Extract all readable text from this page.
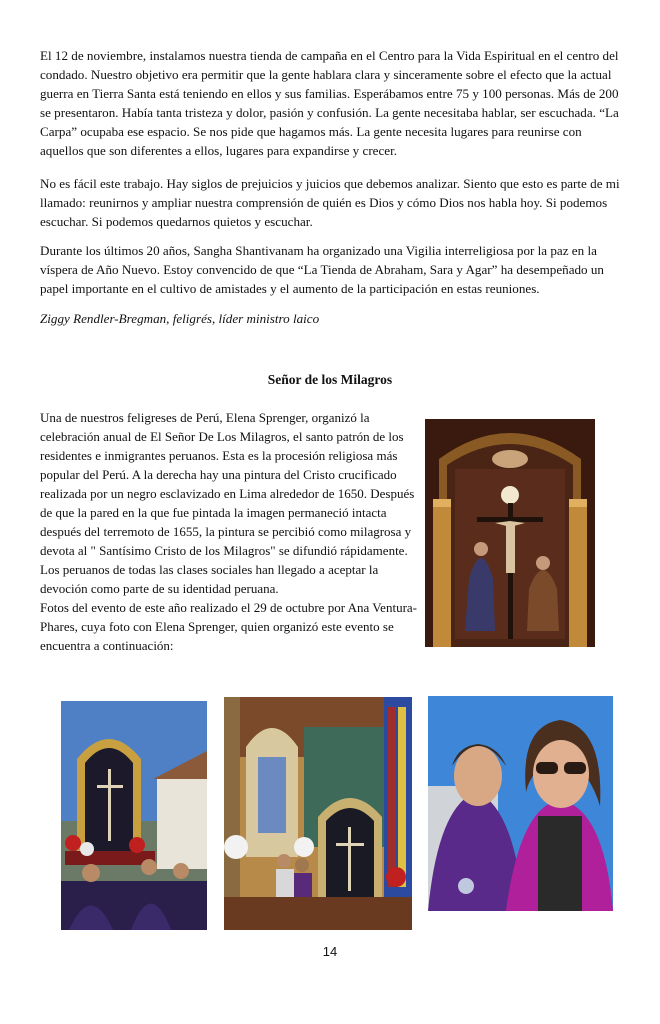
El 12 de noviembre, instalamos nuestra tienda de campaña en el Centro para la Vida Espiritual en el centro del condado. Nuestro objetivo era permitir que la gente hablara clara y sinceramente sobre el efecto que la actual guerra en Tierra Santa está teniendo en ellos y sus familias. Esperábamos entre 75 y 100 personas. Más de 200 se presentaron. Había tanta tristeza y dolor, pasión y confusión. La gente necesitaba hablar, ser escuchada. “La Carpa” ocupaba ese espacio. Se nos pide que hagamos más. La gente necesita lugares para reunirse con aquellos que son diferentes a ellos, lugares para expandirse y crecer.

No es fácil este trabajo. Hay siglos de prejuicios y juicios que debemos analizar. Siento que esto es parte de mi llamado: reunirnos y ampliar nuestra comprensión de quién es Dios y cómo Dios nos habla hoy. Si podemos escuchar. Si podemos quedarnos quietos y escuchar.

Durante los últimos 20 años, Sangha Shantivanam ha organizado una Vigilia interreligiosa por la paz en la víspera de Año Nuevo. Estoy convencido de que “La Tienda de Abraham, Sara y Agar” ha desempeñado un papel importante en el cultivo de amistades y el aumento de la participación en estas reuniones.

Ziggy Rendler-Bregman, feligrés, líder ministro laico

Señor de los Milagros
Una de nuestros feligreses de Perú, Elena Sprenger, organizó la celebración anual de El Señor De Los Milagros, el santo patrón de los residentes e inmigrantes peruanos. Esta es la procesión religiosa más popular del Perú. A la derecha hay una pintura del Cristo crucificado realizada por un negro esclavizado en Lima alrededor de 1650. Después de que la pared en la que fue pintada la imagen permaneció intacta después del terremoto de 1655, la pintura se percibió como milagrosa y devota al " Santísimo Cristo de los Milagros" se difundió rápidamente. Los peruanos de todas las clases sociales han llegado a aceptar la devoción como parte de su identidad peruana.
Fotos del evento de este año realizado el 29 de octubre por Ana Ventura-Phares, cuya foto con Elena Sprenger, quien organizó este evento se encuentra a continuación:
14
